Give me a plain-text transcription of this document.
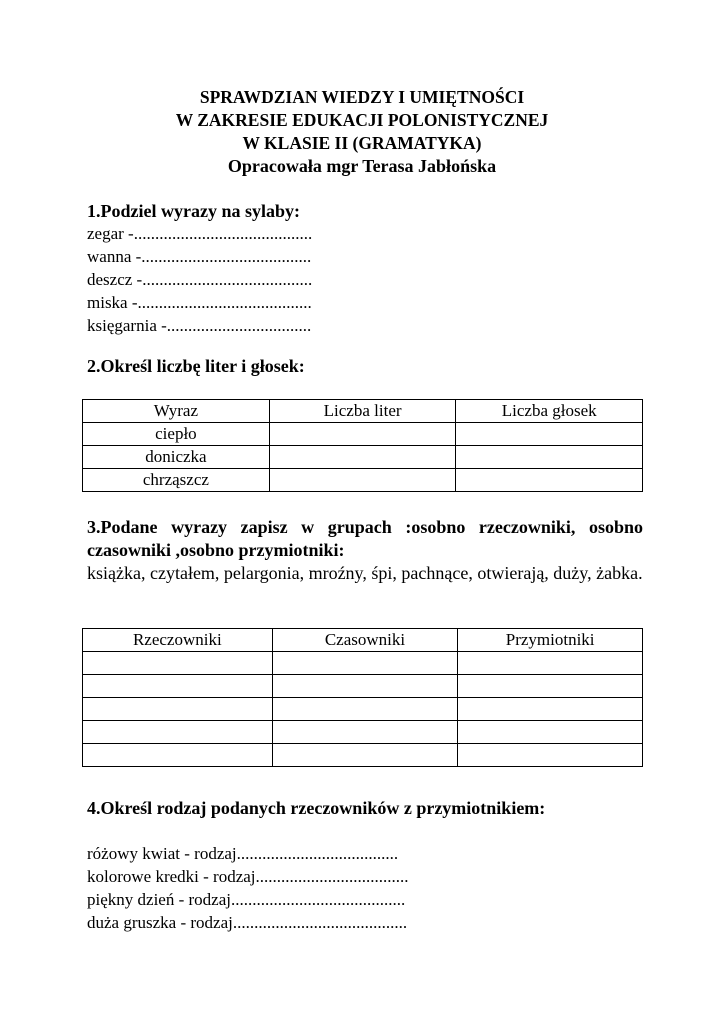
SPRAWDZIAN WIEDZY I UMIĘTNOŚCI
W ZAKRESIE EDUKACJI POLONISTYCZNEJ
W KLASIE II (GRAMATYKA)
Opracowała mgr Terasa Jabłońska
1.Podziel wyrazy na sylaby:
zegar -..........................................
wanna -........................................
deszcz -........................................
miska -.........................................
księgarnia -..................................
2.Określ liczbę liter i głosek:
Wyraz	Liczba liter	Liczba głosek
ciepło		
doniczka		
chrząszcz		
3.Podane wyrazy zapisz w grupach :osobno rzeczowniki, osobno czasowniki ,osobno przymiotniki:
książka, czytałem, pelargonia, mroźny, śpi, pachnące, otwierają, duży, żabka.
Rzeczowniki	Czasowniki	Przymiotniki

4.Określ rodzaj podanych rzeczowników z przymiotnikiem:
różowy kwiat - rodzaj......................................
kolorowe kredki - rodzaj....................................
piękny dzień - rodzaj.........................................
duża gruszka - rodzaj.........................................
